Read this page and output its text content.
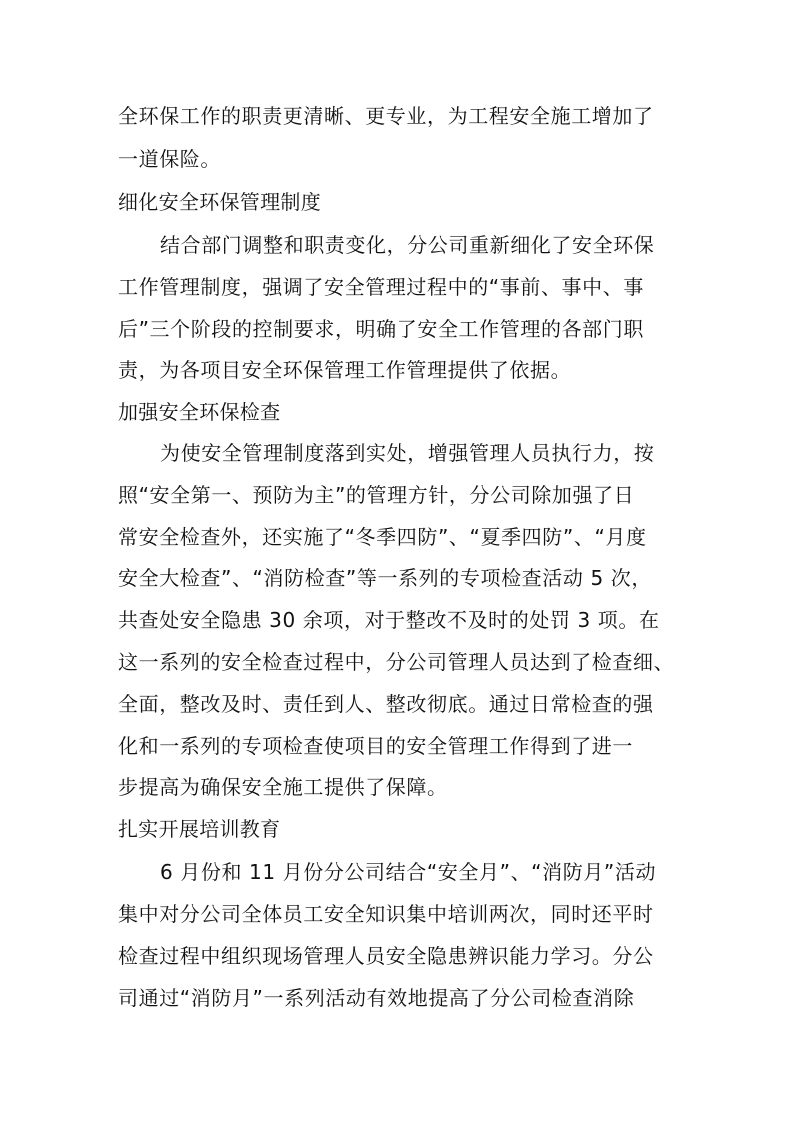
全环保工作的职责更清晰、更专业，为工程安全施工增加了
一道保险。
细化安全环保管理制度
结合部门调整和职责变化，分公司重新细化了安全环保
工作管理制度，强调了安全管理过程中的“事前、事中、事
后”三个阶段的控制要求，明确了安全工作管理的各部门职
责，为各项目安全环保管理工作管理提供了依据。
加强安全环保检查
为使安全管理制度落到实处，增强管理人员执行力，按
照“安全第一、预防为主”的管理方针，分公司除加强了日
常安全检查外，还实施了“冬季四防”、“夏季四防”、“月度
安全大检查”、“消防检查”等一系列的专项检查活动 5 次，
共查处安全隐患 30 余项，对于整改不及时的处罚 3 项。在
这一系列的安全检查过程中，分公司管理人员达到了检查细、
全面，整改及时、责任到人、整改彻底。通过日常检查的强
化和一系列的专项检查使项目的安全管理工作得到了进一
步提高为确保安全施工提供了保障。
扎实开展培训教育
6 月份和 11 月份分公司结合“安全月”、“消防月”活动
集中对分公司全体员工安全知识集中培训两次，同时还平时
检查过程中组织现场管理人员安全隐患辨识能力学习。分公
司通过“消防月”一系列活动有效地提高了分公司检查消除
